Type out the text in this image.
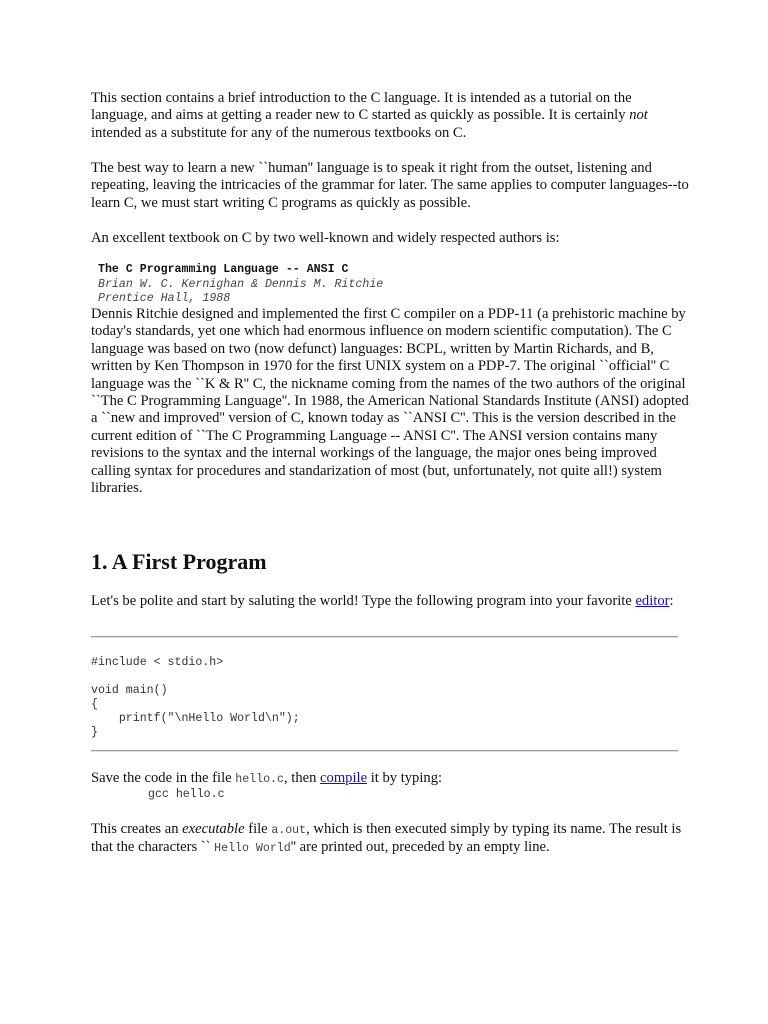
This section contains a brief introduction to the C language. It is intended as a tutorial on the language, and aims at getting a reader new to C started as quickly as possible. It is certainly not intended as a substitute for any of the numerous textbooks on C.

The best way to learn a new ``human'' language is to speak it right from the outset, listening and repeating, leaving the intricacies of the grammar for later. The same applies to computer languages--to learn C, we must start writing C programs as quickly as possible.

An excellent textbook on C by two well-known and widely respected authors is:

The C Programming Language -- ANSI C
Brian W. C. Kernighan & Dennis M. Ritchie
Prentice Hall, 1988

Dennis Ritchie designed and implemented the first C compiler on a PDP-11 (a prehistoric machine by today's standards, yet one which had enormous influence on modern scientific computation). The C language was based on two (now defunct) languages: BCPL, written by Martin Richards, and B, written by Ken Thompson in 1970 for the first UNIX system on a PDP-7. The original ``official'' C language was the ``K & R'' C, the nickname coming from the names of the two authors of the original ``The C Programming Language''. In 1988, the American National Standards Institute (ANSI) adopted a ``new and improved'' version of C, known today as ``ANSI C''. This is the version described in the current edition of ``The C Programming Language -- ANSI C''. The ANSI version contains many revisions to the syntax and the internal workings of the language, the major ones being improved calling syntax for procedures and standarization of most (but, unfortunately, not quite all!) system libraries.

1. A First Program

Let's be polite and start by saluting the world! Type the following program into your favorite editor:

#include < stdio.h>

void main()
{
printf("\nHello World\n");
}

Save the code in the file hello.c, then compile it by typing:

gcc hello.c

This creates an executable file a.out, which is then executed simply by typing its name. The result is that the characters `` Hello World'' are printed out, preceded by an empty line.
